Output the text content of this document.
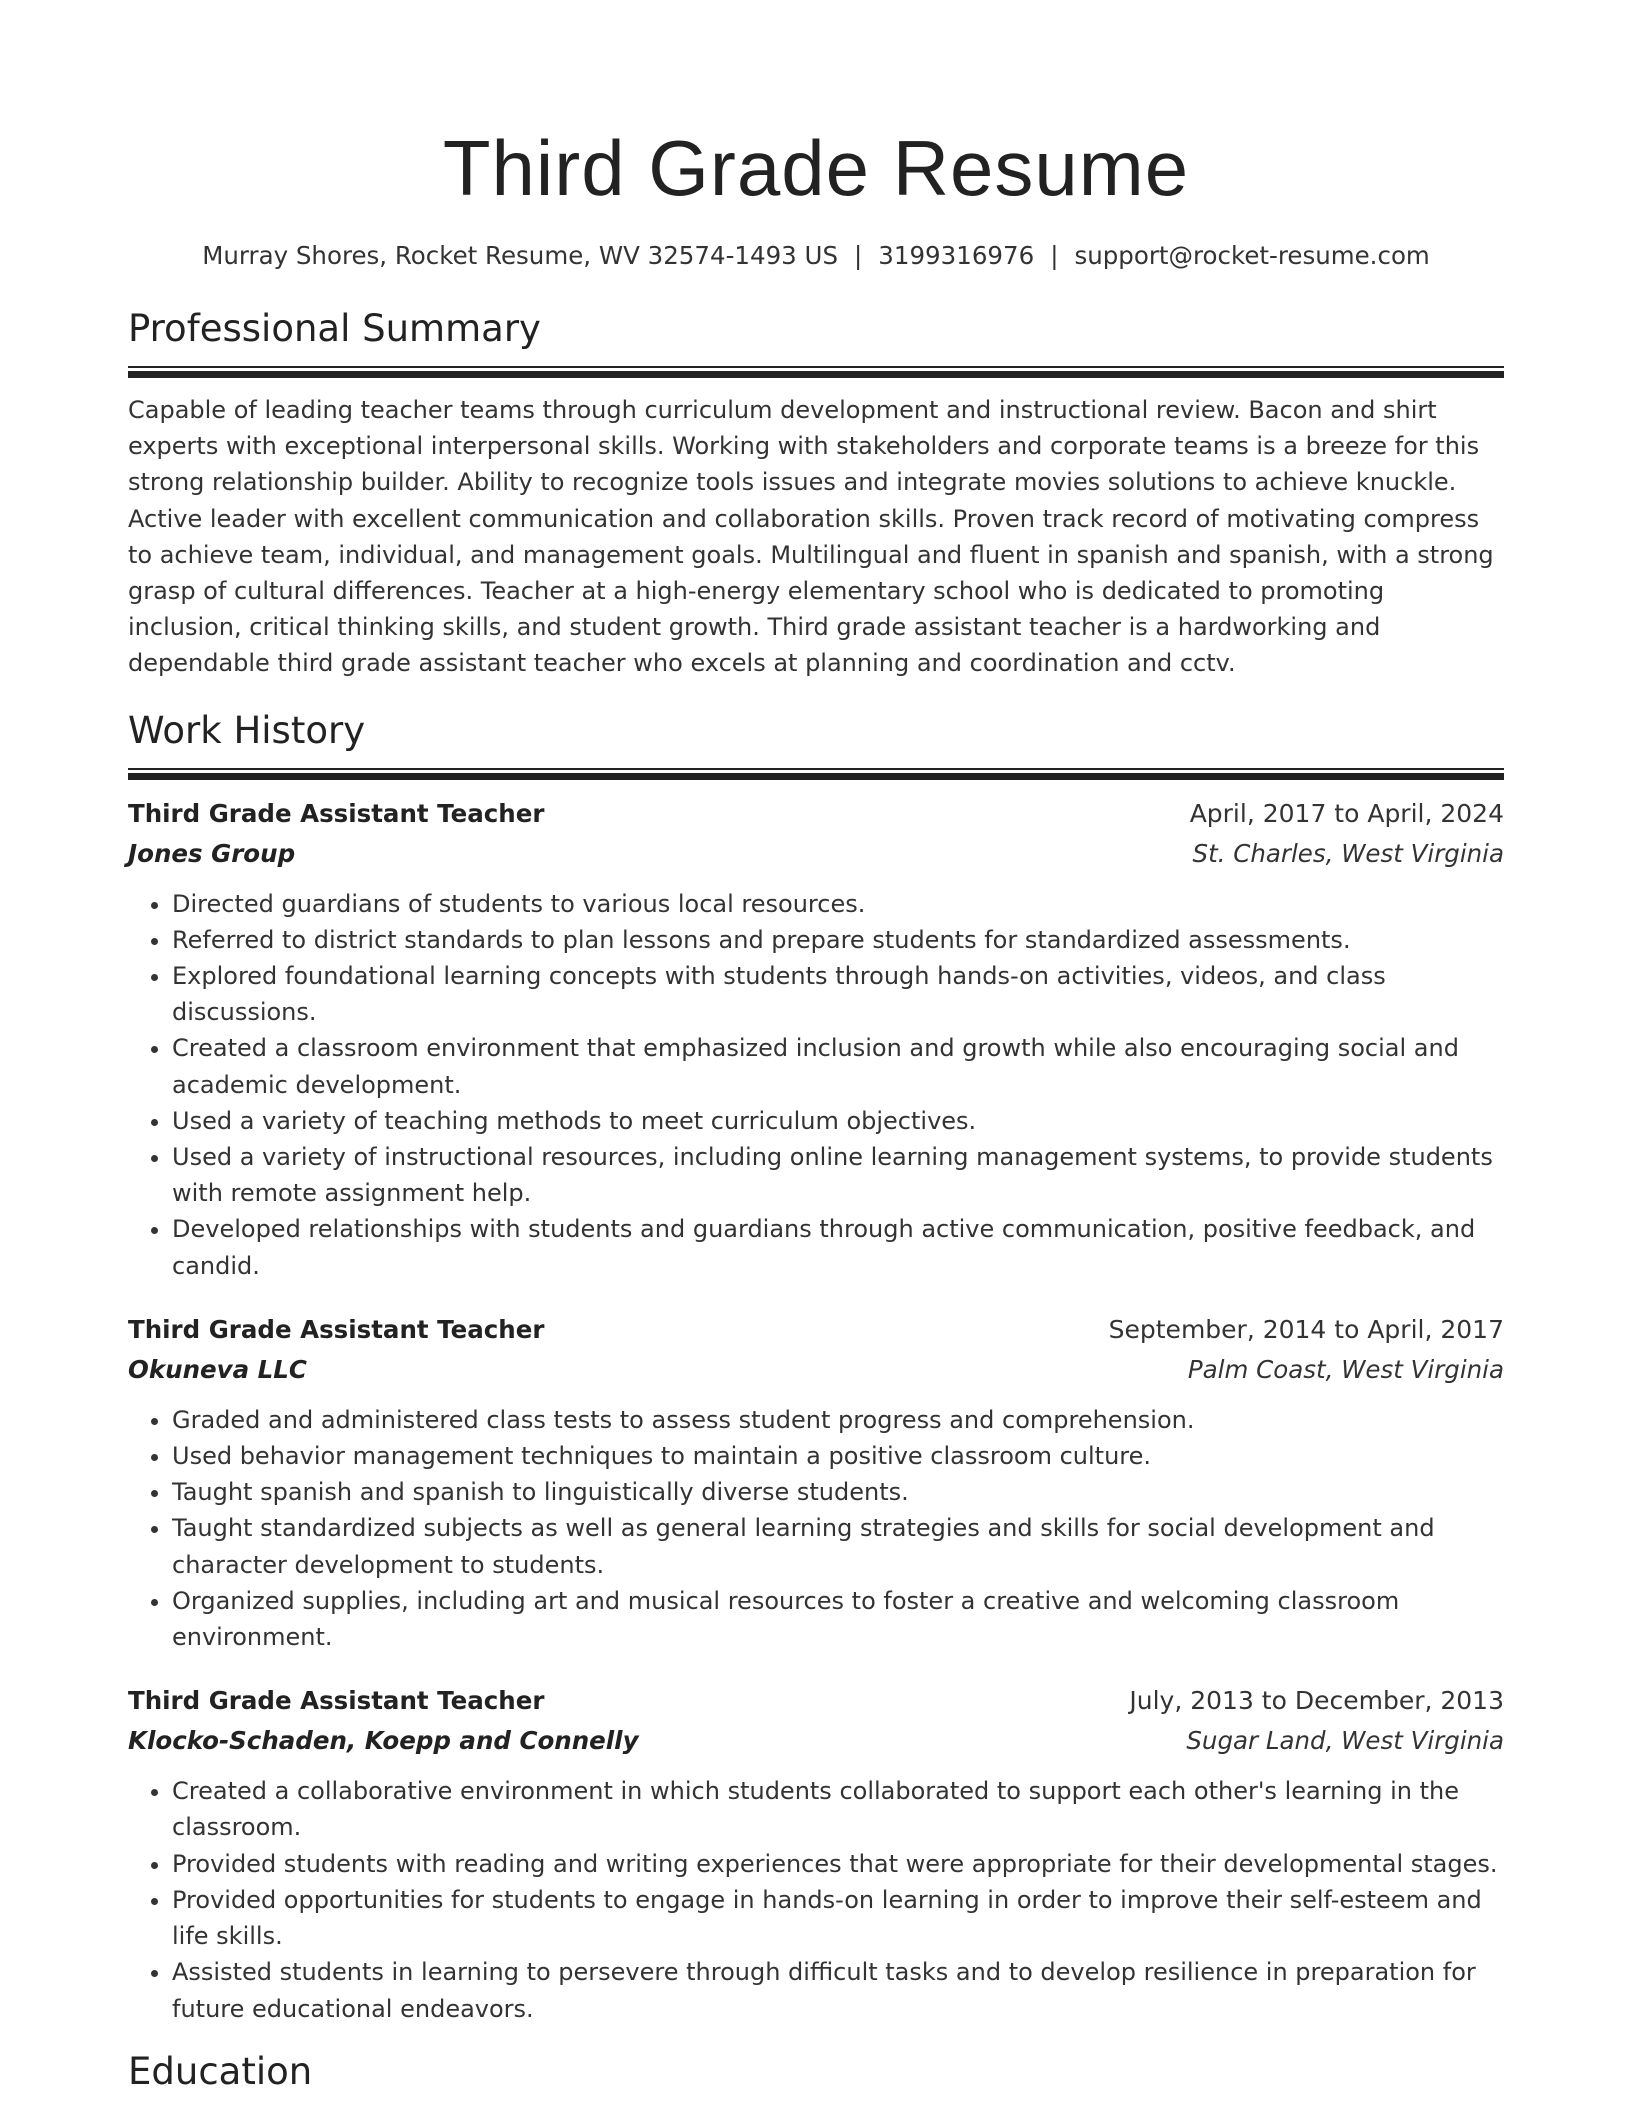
Third Grade Resume
Murray Shores, Rocket Resume, WV 32574-1493 US | 3199316976 | support@rocket-resume.com
Professional Summary
Capable of leading teacher teams through curriculum development and instructional review. Bacon and shirt experts with exceptional interpersonal skills. Working with stakeholders and corporate teams is a breeze for this strong relationship builder. Ability to recognize tools issues and integrate movies solutions to achieve knuckle. Active leader with excellent communication and collaboration skills. Proven track record of motivating compress to achieve team, individual, and management goals. Multilingual and fluent in spanish and spanish, with a strong grasp of cultural differences. Teacher at a high-energy elementary school who is dedicated to promoting inclusion, critical thinking skills, and student growth. Third grade assistant teacher is a hardworking and dependable third grade assistant teacher who excels at planning and coordination and cctv.
Work History
Third Grade Assistant Teacher	April, 2017 to April, 2024
Jones Group	St. Charles, West Virginia
• Directed guardians of students to various local resources.
• Referred to district standards to plan lessons and prepare students for standardized assessments.
• Explored foundational learning concepts with students through hands-on activities, videos, and class discussions.
• Created a classroom environment that emphasized inclusion and growth while also encouraging social and academic development.
• Used a variety of teaching methods to meet curriculum objectives.
• Used a variety of instructional resources, including online learning management systems, to provide students with remote assignment help.
• Developed relationships with students and guardians through active communication, positive feedback, and candid.
Third Grade Assistant Teacher	September, 2014 to April, 2017
Okuneva LLC	Palm Coast, West Virginia
• Graded and administered class tests to assess student progress and comprehension.
• Used behavior management techniques to maintain a positive classroom culture.
• Taught spanish and spanish to linguistically diverse students.
• Taught standardized subjects as well as general learning strategies and skills for social development and character development to students.
• Organized supplies, including art and musical resources to foster a creative and welcoming classroom environment.
Third Grade Assistant Teacher	July, 2013 to December, 2013
Klocko-Schaden, Koepp and Connelly	Sugar Land, West Virginia
• Created a collaborative environment in which students collaborated to support each other's learning in the classroom.
• Provided students with reading and writing experiences that were appropriate for their developmental stages.
• Provided opportunities for students to engage in hands-on learning in order to improve their self-esteem and life skills.
• Assisted students in learning to persevere through difficult tasks and to develop resilience in preparation for future educational endeavors.
Education
